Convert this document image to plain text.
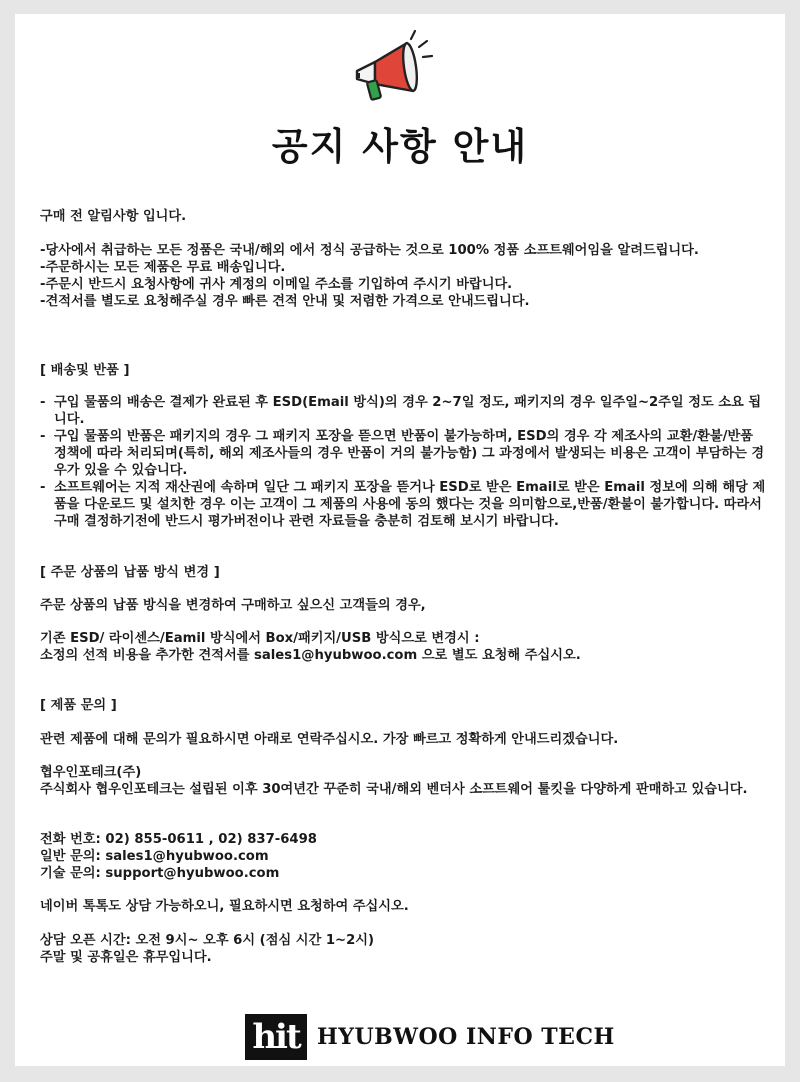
공지 사항 안내
구매 전 알림사항 입니다.
-당사에서 취급하는 모든 정품은 국내/해외 에서 정식 공급하는 것으로 100% 정품 소프트웨어임을 알려드립니다.
-주문하시는 모든 제품은 무료 배송입니다.
-주문시 반드시 요청사항에 귀사 계정의 이메일 주소를 기입하여 주시기 바랍니다.
-견적서를 별도로 요청해주실 경우 빠른 견적 안내 및 저렴한 가격으로 안내드립니다.
[ 배송및 반품 ]
- 구입 물품의 배송은 결제가 완료된 후 ESD(Email 방식)의 경우 2~7일 정도, 패키지의 경우 일주일~2주일 정도 소요 됩니다.
- 구입 물품의 반품은 패키지의 경우 그 패키지 포장을 뜯으면 반품이 불가능하며, ESD의 경우 각 제조사의 교환/환불/반품 정책에 따라 처리되며(특히, 해외 제조사들의 경우 반품이 거의 불가능함) 그 과정에서 발생되는 비용은 고객이 부담하는 경우가 있을 수 있습니다.
- 소프트웨어는 지적 재산권에 속하며 일단 그 패키지 포장을 뜯거나 ESD로 받은 Email로 받은 Email 정보에 의해 해당 제품을 다운로드 및 설치한 경우 이는 고객이 그 제품의 사용에 동의 했다는 것을 의미함으로,반품/환불이 불가합니다. 따라서 구매 결정하기전에 반드시 평가버전이나 관련 자료들을 충분히 검토해 보시기 바랍니다.
[ 주문 상품의 납품 방식 변경 ]
주문 상품의 납품 방식을 변경하여 구매하고 싶으신 고객들의 경우,
기존 ESD/ 라이센스/Eamil 방식에서 Box/패키지/USB 방식으로 변경시 :
소정의 선적 비용을 추가한 견적서를 sales1@hyubwoo.com 으로 별도 요청해 주십시오.
[ 제품 문의 ]
관련 제품에 대해 문의가 필요하시면 아래로 연락주십시오. 가장 빠르고 정확하게 안내드리겠습니다.
협우인포테크(주)
주식회사 협우인포테크는 설립된 이후 30여년간 꾸준히 국내/해외 벤더사 소프트웨어 툴킷을 다양하게 판매하고 있습니다.
전화 번호: 02) 855-0611 , 02) 837-6498
일반 문의: sales1@hyubwoo.com
기술 문의: support@hyubwoo.com
네이버 톡톡도 상담 가능하오니, 필요하시면 요청하여 주십시오.
상담 오픈 시간: 오전 9시~ 오후 6시 (점심 시간 1~2시)
주말 및 공휴일은 휴무입니다.
hit HYUBWOO INFO TECH
